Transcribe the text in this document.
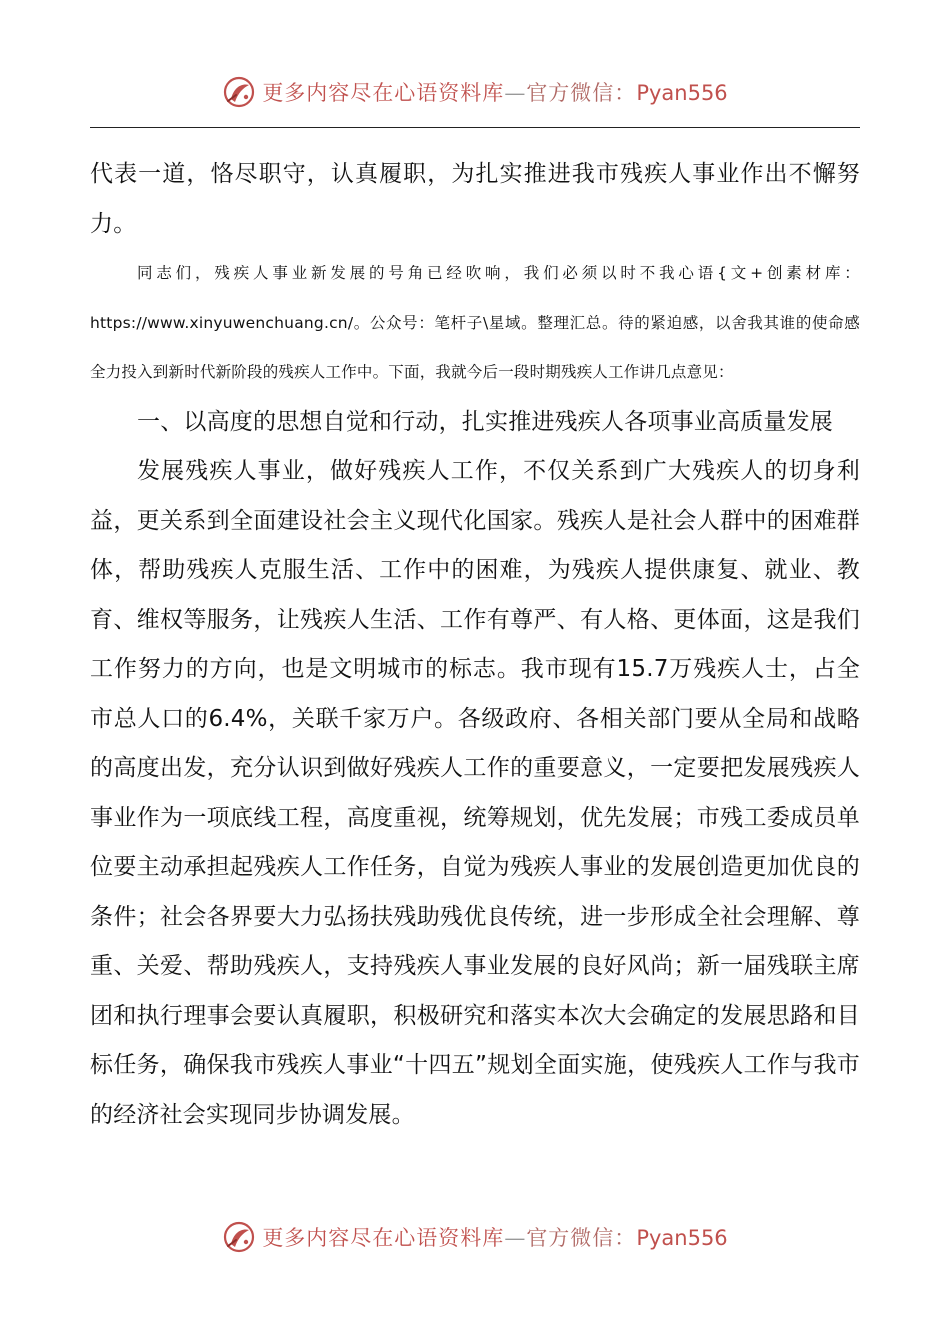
更多内容尽在心语资料库—官方微信：Pyan556

代表一道，恪尽职守，认真履职，为扎实推进我市残疾人事业作出不懈努力。

同志们，残疾人事业新发展的号角已经吹响，我们必须以时不我心语{文+创素材库：https://www.xinyuwenchuang.cn/。公众号：笔杆子\星域。整理汇总。待的紧迫感，以舍我其谁的使命感全力投入到新时代新阶段的残疾人工作中。下面，我就今后一段时期残疾人工作讲几点意见：

一、以高度的思想自觉和行动，扎实推进残疾人各项事业高质量发展

发展残疾人事业，做好残疾人工作，不仅关系到广大残疾人的切身利益，更关系到全面建设社会主义现代化国家。残疾人是社会人群中的困难群体，帮助残疾人克服生活、工作中的困难，为残疾人提供康复、就业、教育、维权等服务，让残疾人生活、工作有尊严、有人格、更体面，这是我们工作努力的方向，也是文明城市的标志。我市现有15.7万残疾人士，占全市总人口的6.4%，关联千家万户。各级政府、各相关部门要从全局和战略的高度出发，充分认识到做好残疾人工作的重要意义，一定要把发展残疾人事业作为一项底线工程，高度重视，统筹规划，优先发展；市残工委成员单位要主动承担起残疾人工作任务，自觉为残疾人事业的发展创造更加优良的条件；社会各界要大力弘扬扶残助残优良传统，进一步形成全社会理解、尊重、关爱、帮助残疾人，支持残疾人事业发展的良好风尚；新一届残联主席团和执行理事会要认真履职，积极研究和落实本次大会确定的发展思路和目标任务，确保我市残疾人事业“十四五”规划全面实施，使残疾人工作与我市的经济社会实现同步协调发展。

更多内容尽在心语资料库—官方微信：Pyan556
